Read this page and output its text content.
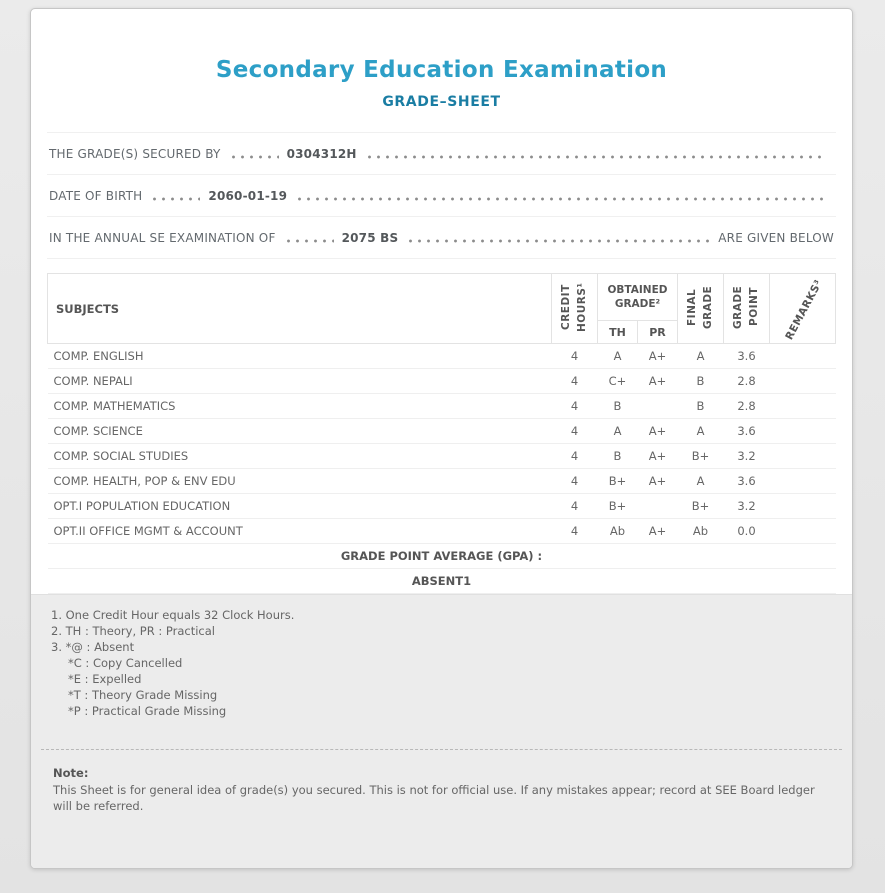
Secondary Education Examination
GRADE–SHEET
THE GRADE(S) SECURED BY	0304312H
DATE OF BIRTH	2060-01-19
IN THE ANNUAL SE EXAMINATION OF	2075 BS	ARE GIVEN BELOW
SUBJECTS	CREDIT HOURS¹	OBTAINED GRADE²		FINAL GRADE	GRADE POINT	REMARKS³
		TH	PR			
COMP. ENGLISH	4	A	A+	A	3.6	
COMP. NEPALI	4	C+	A+	B	2.8	
COMP. MATHEMATICS	4	B		B	2.8	
COMP. SCIENCE	4	A	A+	A	3.6	
COMP. SOCIAL STUDIES	4	B	A+	B+	3.2	
COMP. HEALTH, POP & ENV EDU	4	B+	A+	A	3.6	
OPT.I POPULATION EDUCATION	4	B+		B+	3.2	
OPT.II OFFICE MGMT & ACCOUNT	4	Ab	A+	Ab	0.0	
GRADE POINT AVERAGE (GPA) :						
ABSENT1						
1. One Credit Hour equals 32 Clock Hours.
2. TH : Theory, PR : Practical
3. *@ : Absent
*C : Copy Cancelled
*E : Expelled
*T : Theory Grade Missing
*P : Practical Grade Missing
Note:
This Sheet is for general idea of grade(s) you secured. This is not for official use. If any mistakes appear; record at SEE Board ledger will be referred.
